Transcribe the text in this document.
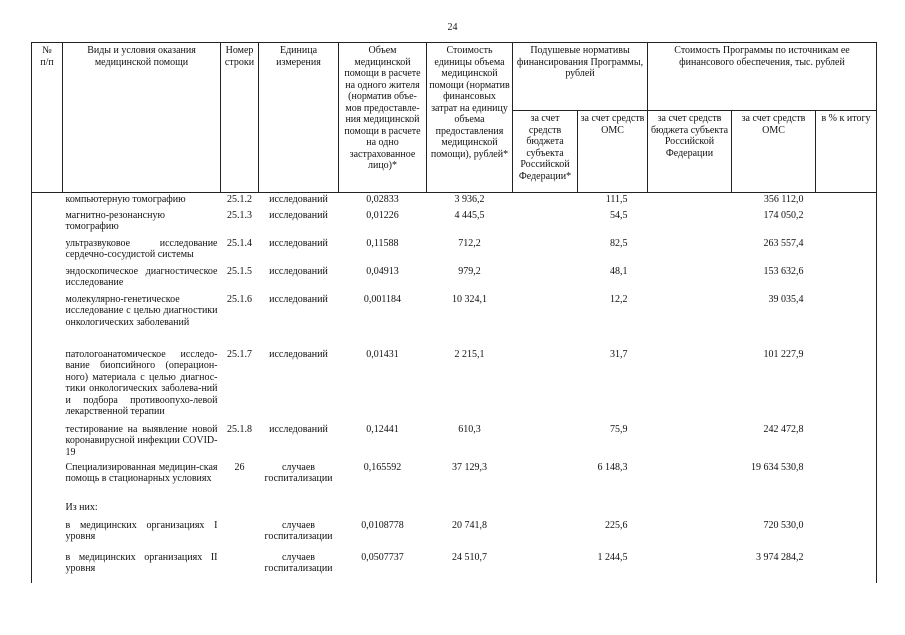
24
№
п/п	Виды и условия оказания медицинской помощи	Номер строки	Единица измерения	Объем медицинской помощи в расчете на одного жителя (норматив объе-мов предоставле-ния медицинской помощи в расчете на одно застрахованное лицо)*	Стоимость единицы объема медицинской помощи (норматив финансовых затрат на единицу объема предоставления медицинской помощи), рублей*	Подушевые нормативы финансирования Программы, рублей		Стоимость Программы по источникам ее финансового обеспечения, тыс. рублей		
						за счет средств бюджета субъекта Российской Федерации*	за счет средств ОМС	за счет средств бюджета субъекта Российской Федерации	за счет средств ОМС	в % к итогу
	компьютерную томографию	25.1.2	исследований	0,02833	3 936,2		111,5		356 112,0	
	магнитно-резонансную томографию	25.1.3	исследований	0,01226	4 445,5		54,5		174 050,2	
	ультразвуковое исследование сердечно-сосудистой системы	25.1.4	исследований	0,11588	712,2		82,5		263 557,4	
	эндоскопическое диагностическое исследование	25.1.5	исследований	0,04913	979,2		48,1		153 632,6	
	молекулярно-генетическое исследование с целью диагностики онкологических заболеваний	25.1.6	исследований	0,001184	10 324,1		12,2		39 035,4	
	патологоанатомическое исследо-вание биопсийного (операцион-ного) материала с целью диагнос-тики онкологических заболева-ний и подбора противоопухо-левой лекарственной терапии	25.1.7	исследований	0,01431	2 215,1		31,7		101 227,9	
	тестирование на выявление новой коронавирусной инфекции COVID-19	25.1.8	исследований	0,12441	610,3		75,9		242 472,8	
	Специализированная медицин-ская помощь в стационарных условиях	26	случаев госпитализации	0,165592	37 129,3		6 148,3		19 634 530,8	
	Из них:									
	в медицинских организациях I уровня		случаев госпитализации	0,0108778	20 741,8		225,6		720 530,0	
	в медицинских организациях II уровня		случаев госпитализации	0,0507737	24 510,7		1 244,5		3 974 284,2	
